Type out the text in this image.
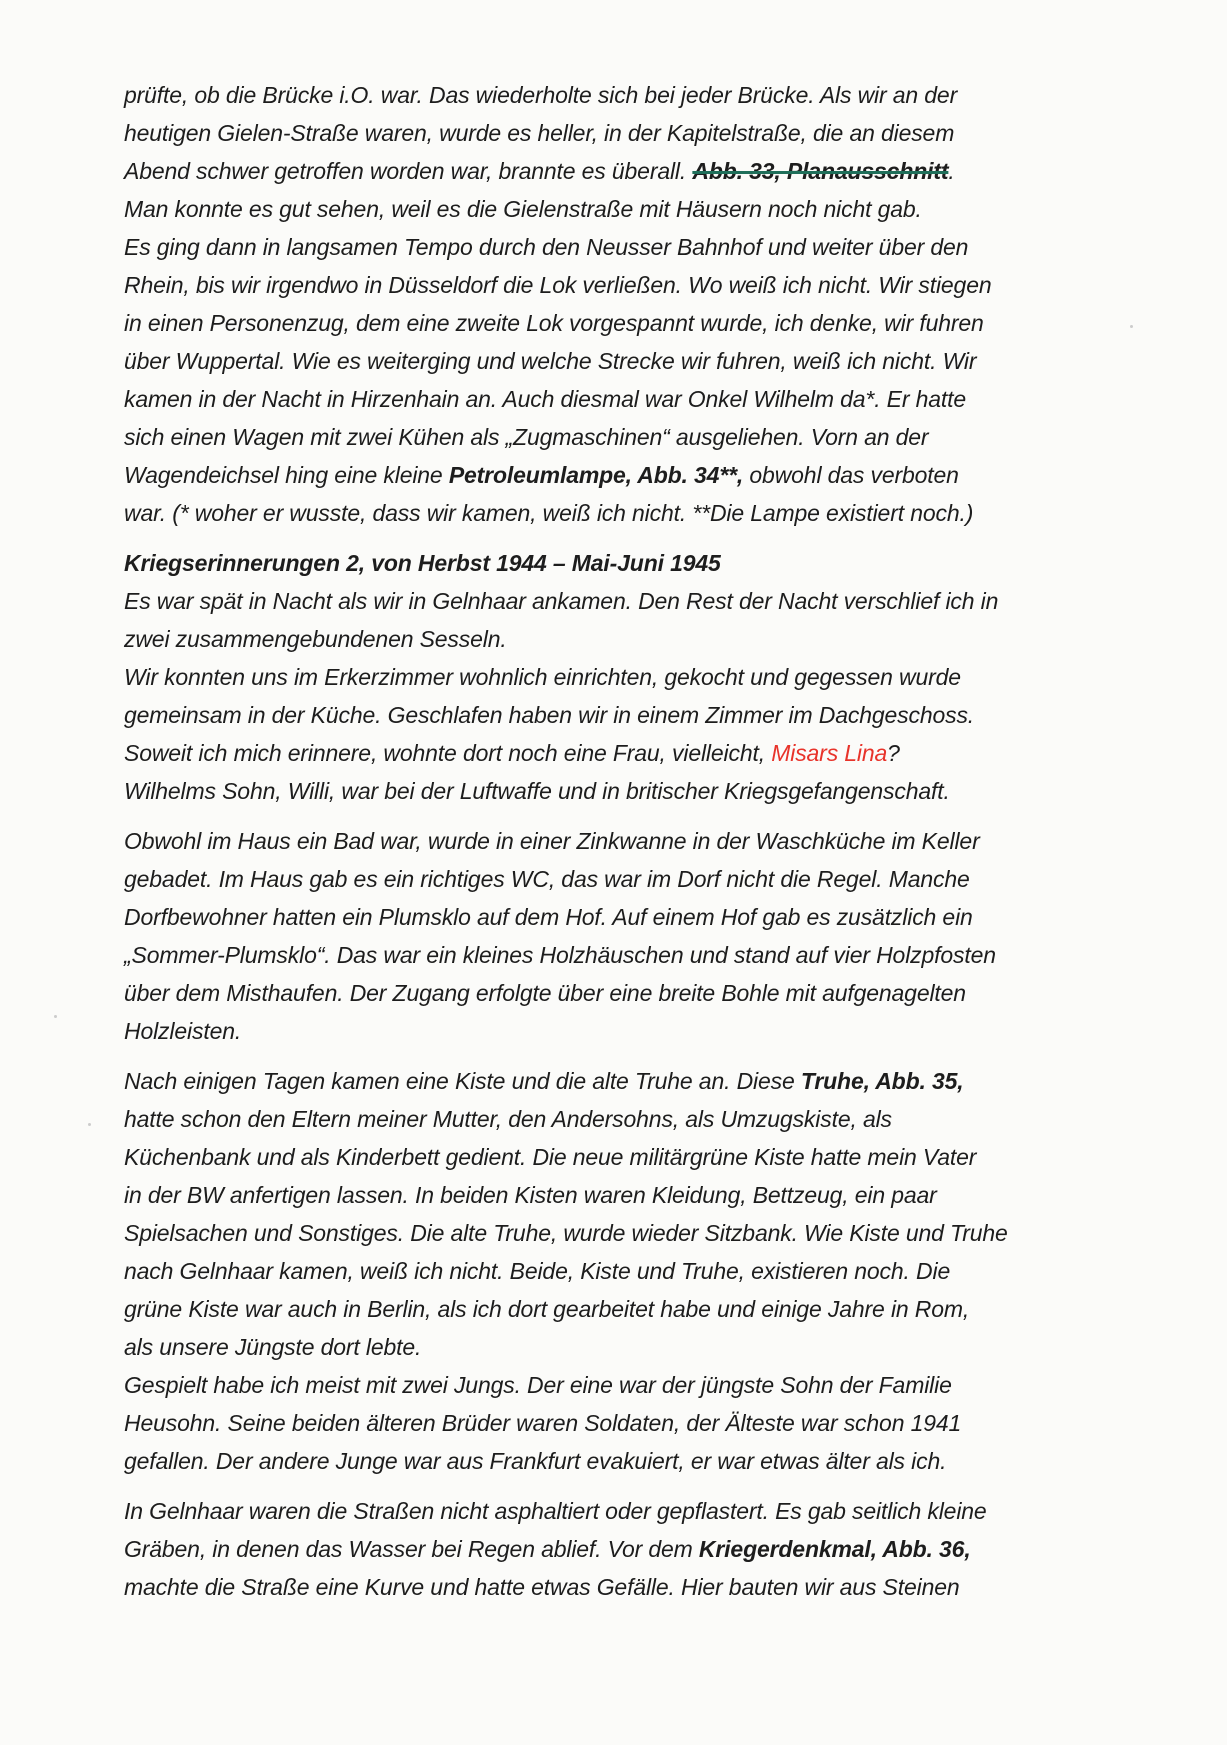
prüfte, ob die Brücke i.O. war. Das wiederholte sich bei jeder Brücke. Als wir an der
heutigen Gielen-Straße waren, wurde es heller, in der Kapitelstraße, die an diesem
Abend schwer getroffen worden war, brannte es überall. Abb. 33, Planausschnitt.
Man konnte es gut sehen, weil es die Gielenstraße mit Häusern noch nicht gab.
Es ging dann in langsamen Tempo durch den Neusser Bahnhof und weiter über den
Rhein, bis wir irgendwo in Düsseldorf die Lok verließen. Wo weiß ich nicht. Wir stiegen
in einen Personenzug, dem eine zweite Lok vorgespannt wurde, ich denke, wir fuhren
über Wuppertal. Wie es weiterging und welche Strecke wir fuhren, weiß ich nicht. Wir
kamen in der Nacht in Hirzenhain an. Auch diesmal war Onkel Wilhelm da*. Er hatte
sich einen Wagen mit zwei Kühen als „Zugmaschinen“ ausgeliehen. Vorn an der
Wagendeichsel hing eine kleine Petroleumlampe, Abb. 34**, obwohl das verboten
war. (* woher er wusste, dass wir kamen, weiß ich nicht. **Die Lampe existiert noch.)
Kriegserinnerungen 2, von Herbst 1944 – Mai-Juni 1945
Es war spät in Nacht als wir in Gelnhaar ankamen. Den Rest der Nacht verschlief ich in
zwei zusammengebundenen Sesseln.
Wir konnten uns im Erkerzimmer wohnlich einrichten, gekocht und gegessen wurde
gemeinsam in der Küche. Geschlafen haben wir in einem Zimmer im Dachgeschoss.
Soweit ich mich erinnere, wohnte dort noch eine Frau, vielleicht, Misars Lina?
Wilhelms Sohn, Willi, war bei der Luftwaffe und in britischer Kriegsgefangenschaft.
Obwohl im Haus ein Bad war, wurde in einer Zinkwanne in der Waschküche im Keller
gebadet. Im Haus gab es ein richtiges WC, das war im Dorf nicht die Regel. Manche
Dorfbewohner hatten ein Plumsklo auf dem Hof. Auf einem Hof gab es zusätzlich ein
„Sommer-Plumsklo“. Das war ein kleines Holzhäuschen und stand auf vier Holzpfosten
über dem Misthaufen. Der Zugang erfolgte über eine breite Bohle mit aufgenagelten
Holzleisten.
Nach einigen Tagen kamen eine Kiste und die alte Truhe an. Diese Truhe, Abb. 35,
hatte schon den Eltern meiner Mutter, den Andersohns, als Umzugskiste, als
Küchenbank und als Kinderbett gedient. Die neue militärgrüne Kiste hatte mein Vater
in der BW anfertigen lassen. In beiden Kisten waren Kleidung, Bettzeug, ein paar
Spielsachen und Sonstiges. Die alte Truhe, wurde wieder Sitzbank. Wie Kiste und Truhe
nach Gelnhaar kamen, weiß ich nicht. Beide, Kiste und Truhe, existieren noch. Die
grüne Kiste war auch in Berlin, als ich dort gearbeitet habe und einige Jahre in Rom,
als unsere Jüngste dort lebte.
Gespielt habe ich meist mit zwei Jungs. Der eine war der jüngste Sohn der Familie
Heusohn. Seine beiden älteren Brüder waren Soldaten, der Älteste war schon 1941
gefallen. Der andere Junge war aus Frankfurt evakuiert, er war etwas älter als ich.
In Gelnhaar waren die Straßen nicht asphaltiert oder gepflastert. Es gab seitlich kleine
Gräben, in denen das Wasser bei Regen ablief. Vor dem Kriegerdenkmal, Abb. 36,
machte die Straße eine Kurve und hatte etwas Gefälle. Hier bauten wir aus Steinen
